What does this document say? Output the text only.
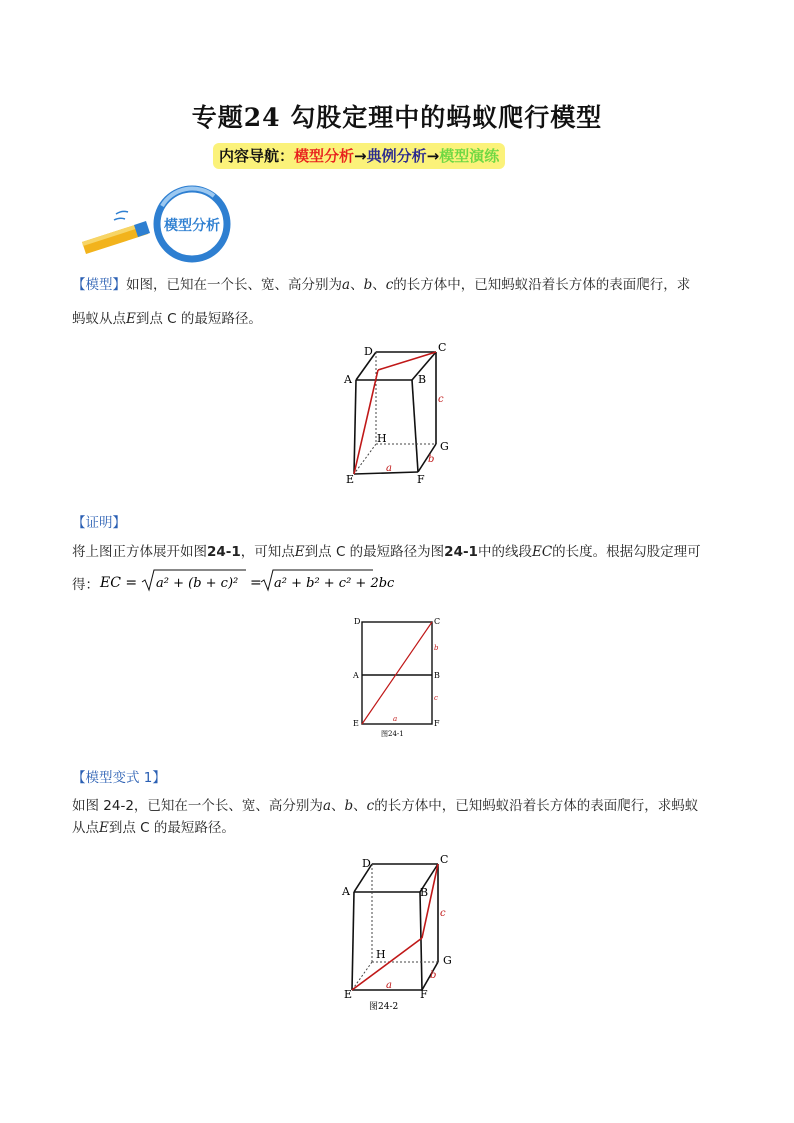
专题24 勾股定理中的蚂蚁爬行模型
内容导航：模型分析→典例分析→模型演练
模型分析
【模型】如图，已知在一个长、宽、高分别为a、b、c的长方体中，已知蚂蚁沿着长方体的表面爬行，求
蚂蚁从点E到点 C 的最短路径。
A	B
C
D
E	F
G
H
a
b
c
【证明】
将上图正方体展开如图24-1，可知点E到点 C 的最短路径为图24-1中的线段EC的长度。根据勾股定理可
得： EC = a² + (b + c)² = a² + b² + c² + 2bc
D	C
A	B
E	F
b
c
a
图24-1
【模型变式 1】
如图 24-2，已知在一个长、宽、高分别为a、b、c的长方体中，已知蚂蚁沿着长方体的表面爬行，求蚂蚁
从点E到点 C 的最短路径。
A	B
C
D
E	F
G
H
a
b
c
图24-2
